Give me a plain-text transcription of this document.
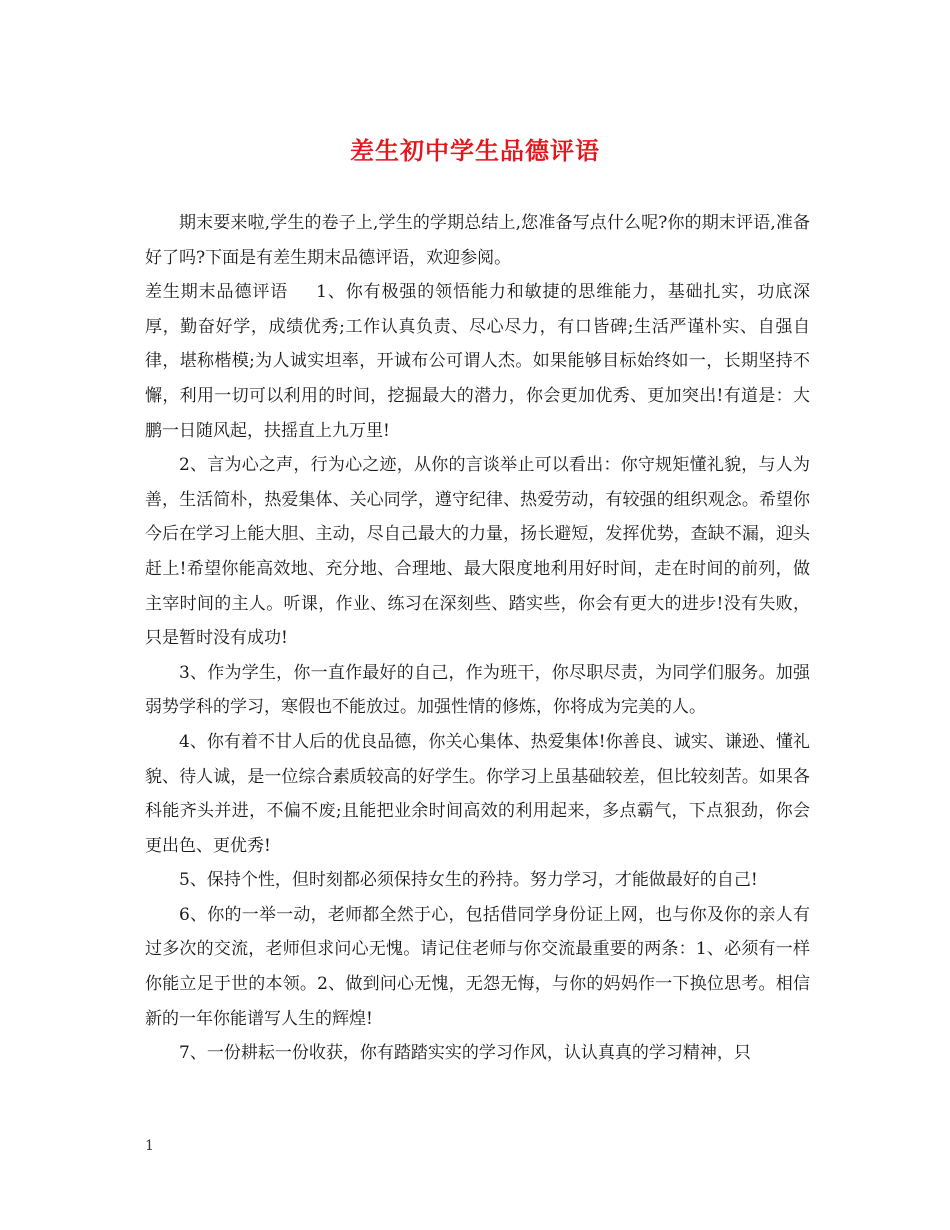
差生初中学生品德评语

期末要来啦,学生的卷子上,学生的学期总结上,您准备写点什么呢?你的期末评语,准备好了吗?下面是有差生期末品德评语，欢迎参阅。

差生期末品德评语 1、你有极强的领悟能力和敏捷的思维能力，基础扎实，功底深厚，勤奋好学，成绩优秀;工作认真负责、尽心尽力，有口皆碑;生活严谨朴实、自强自律，堪称楷模;为人诚实坦率，开诚布公可谓人杰。如果能够目标始终如一，长期坚持不懈，利用一切可以利用的时间，挖掘最大的潜力，你会更加优秀、更加突出!有道是：大鹏一日随风起，扶摇直上九万里!

2、言为心之声，行为心之迹，从你的言谈举止可以看出：你守规矩懂礼貌，与人为善，生活简朴，热爱集体、关心同学，遵守纪律、热爱劳动，有较强的组织观念。希望你今后在学习上能大胆、主动，尽自己最大的力量，扬长避短，发挥优势，查缺不漏，迎头赶上!希望你能高效地、充分地、合理地、最大限度地利用好时间，走在时间的前列，做主宰时间的主人。听课，作业、练习在深刻些、踏实些，你会有更大的进步!没有失败，只是暂时没有成功!

3、作为学生，你一直作最好的自己，作为班干，你尽职尽责，为同学们服务。加强弱势学科的学习，寒假也不能放过。加强性情的修炼，你将成为完美的人。

4、你有着不甘人后的优良品德，你关心集体、热爱集体!你善良、诚实、谦逊、懂礼貌、待人诚，是一位综合素质较高的好学生。你学习上虽基础较差，但比较刻苦。如果各科能齐头并进，不偏不废;且能把业余时间高效的利用起来，多点霸气，下点狠劲，你会更出色、更优秀!

5、保持个性，但时刻都必须保持女生的矜持。努力学习，才能做最好的自己!

6、你的一举一动，老师都全然于心，包括借同学身份证上网，也与你及你的亲人有过多次的交流，老师但求问心无愧。请记住老师与你交流最重要的两条：1、必须有一样你能立足于世的本领。2、做到问心无愧，无怨无悔，与你的妈妈作一下换位思考。相信新的一年你能谱写人生的辉煌!

7、一份耕耘一份收获，你有踏踏实实的学习作风，认认真真的学习精神，只

1
